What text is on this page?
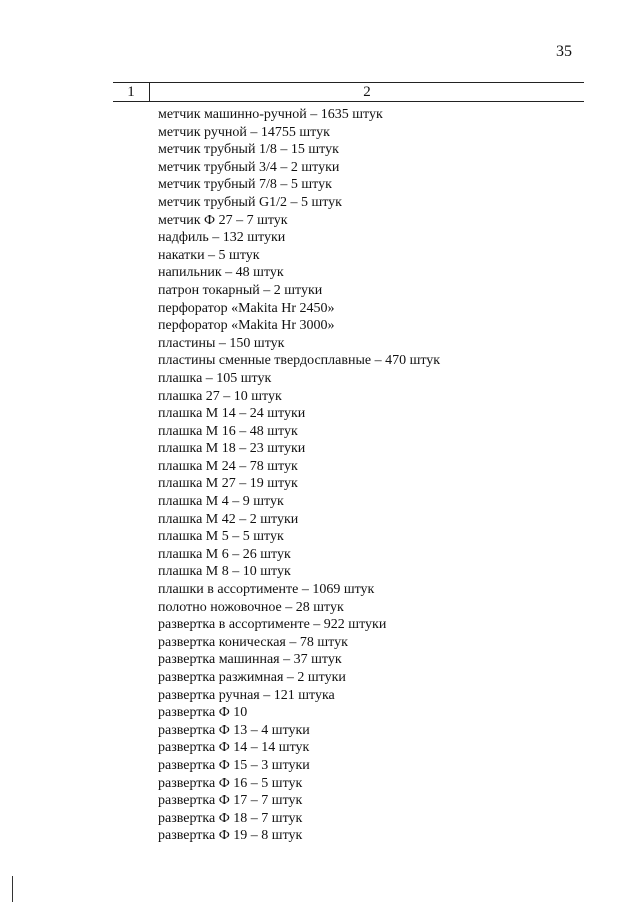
35
1	2
метчик машинно-ручной – 1635 штук
метчик ручной – 14755 штук
метчик трубный 1/8 – 15 штук
метчик трубный 3/4 – 2 штуки
метчик трубный 7/8 – 5 штук
метчик трубный G1/2 – 5 штук
метчик Ф 27 – 7 штук
надфиль – 132 штуки
накатки – 5 штук
напильник – 48 штук
патрон токарный – 2 штуки
перфоратор «Makita Hr 2450»
перфоратор «Makita Hr 3000»
пластины – 150 штук
пластины сменные твердосплавные – 470 штук
плашка – 105 штук
плашка 27 – 10 штук
плашка М 14 – 24 штуки
плашка М 16 – 48 штук
плашка М 18 – 23 штуки
плашка М 24 – 78 штук
плашка М 27 – 19 штук
плашка М 4 – 9 штук
плашка М 42 – 2 штуки
плашка М 5 – 5 штук
плашка М 6 – 26 штук
плашка М 8 – 10 штук
плашки в ассортименте – 1069 штук
полотно ножовочное – 28 штук
развертка в ассортименте – 922 штуки
развертка коническая – 78 штук
развертка машинная – 37 штук
развертка разжимная – 2 штуки
развертка ручная – 121 штука
развертка Ф 10
развертка Ф 13 – 4 штуки
развертка Ф 14 – 14 штук
развертка Ф 15 – 3 штуки
развертка Ф 16 – 5 штук
развертка Ф 17 – 7 штук
развертка Ф 18 – 7 штук
развертка Ф 19 – 8 штук
